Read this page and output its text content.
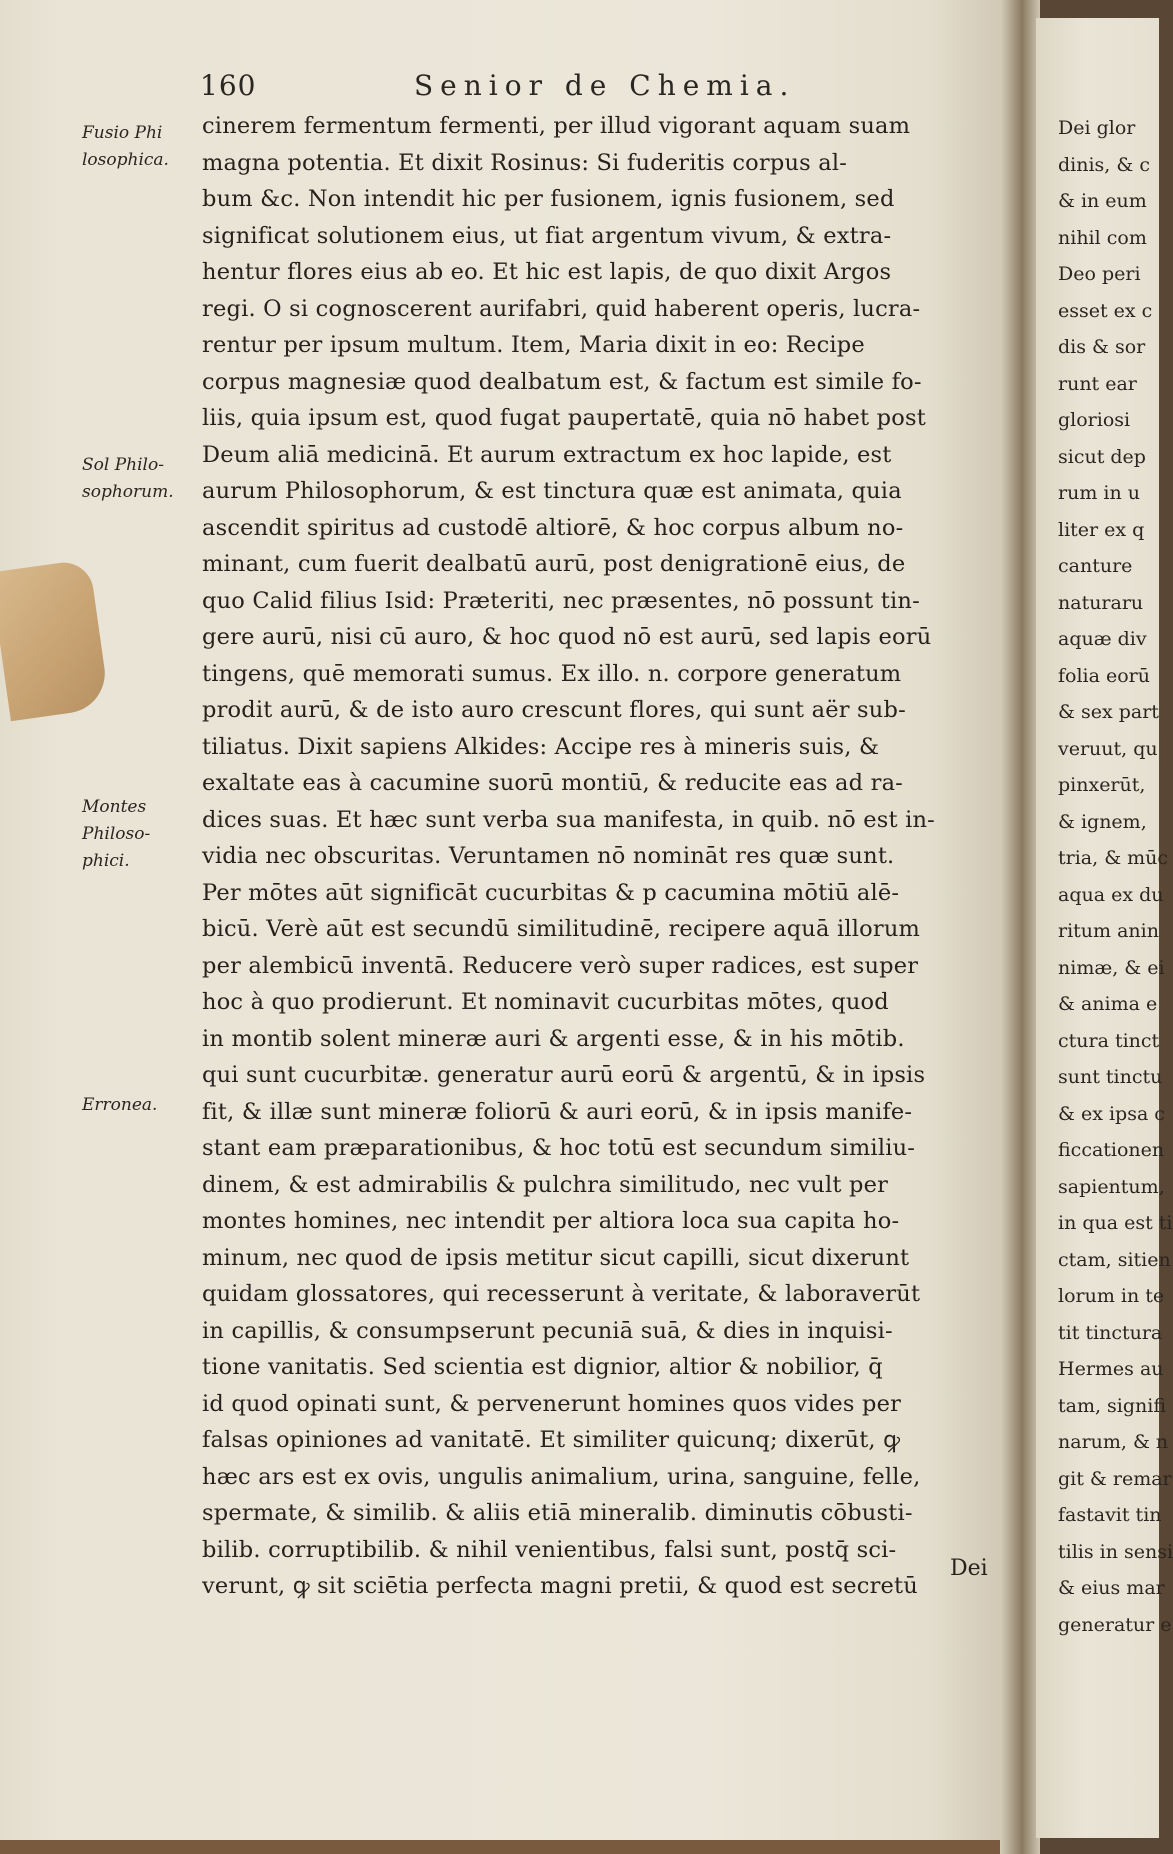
160	Senior de Chemia.
Fusio Phi
losophica.
Sol Philo-
sophorum.
Montes
Philoso-
phici.
Erronea.
cinerem fermentum fermenti, per illud vigorant aquam suam
magna potentia. Et dixit Rosinus: Si fuderitis corpus al-
bum &c. Non intendit hic per fusionem, ignis fusionem, sed
significat solutionem eius, ut fiat argentum vivum, & extra-
hentur flores eius ab eo. Et hic est lapis, de quo dixit Argos
regi. O si cognoscerent aurifabri, quid haberent operis, lucra-
rentur per ipsum multum. Item, Maria dixit in eo: Recipe
corpus magnesiæ quod dealbatum est, & factum est simile fo-
liis, quia ipsum est, quod fugat paupertatē, quia nō habet post
Deum aliā medicinā. Et aurum extractum ex hoc lapide, est
aurum Philosophorum, & est tinctura quæ est animata, quia
ascendit spiritus ad custodē altiorē, & hoc corpus album no-
minant, cum fuerit dealbatū aurū, post denigrationē eius, de
quo Calid filius Isid: Præteriti, nec præsentes, nō possunt tin-
gere aurū, nisi cū auro, & hoc quod nō est aurū, sed lapis eorū
tingens, quē memorati sumus. Ex illo. n. corpore generatum
prodit aurū, & de isto auro crescunt flores, qui sunt aër sub-
tiliatus. Dixit sapiens Alkides: Accipe res à mineris suis, &
exaltate eas à cacumine suorū montiū, & reducite eas ad ra-
dices suas. Et hæc sunt verba sua manifesta, in quib. nō est in-
vidia nec obscuritas. Veruntamen nō nomināt res quæ sunt.
Per mōtes aūt significāt cucurbitas & p cacumina mōtiū alē-
bicū. Verè aūt est secundū similitudinē, recipere aquā illorum
per alembicū inventā. Reducere verò super radices, est super
hoc à quo prodierunt. Et nominavit cucurbitas mōtes, quod
in montib solent mineræ auri & argenti esse, & in his mōtib.
qui sunt cucurbitæ. generatur aurū eorū & argentū, & in ipsis
fit, & illæ sunt mineræ foliorū & auri eorū, & in ipsis manife-
stant eam præparationibus, & hoc totū est secundum similiu-
dinem, & est admirabilis & pulchra similitudo, nec vult per
montes homines, nec intendit per altiora loca sua capita ho-
minum, nec quod de ipsis metitur sicut capilli, sicut dixerunt
quidam glossatores, qui recesserunt à veritate, & laboraverūt
in capillis, & consumpserunt pecuniā suā, & dies in inquisi-
tione vanitatis. Sed scientia est dignior, altior & nobilior, q̄
id quod opinati sunt, & pervenerunt homines quos vides per
falsas opiniones ad vanitatē. Et similiter quicunq; dixerūt, ꝙ
hæc ars est ex ovis, ungulis animalium, urina, sanguine, felle,
spermate, & similib. & aliis etiā mineralib. diminutis cōbusti-
bilib. corruptibilib. & nihil venientibus, falsi sunt, postq̄ sci-
verunt, ꝙ sit sciētia perfecta magni pretii, & quod est secretū
Dei
Dei glor
dinis, & c
& in eum
nihil com
Deo peri
esset ex c
dis & sor
runt ear
gloriosi
sicut dep
rum in u
liter ex q
canture
naturaru
aquæ div
folia eorū
& sex part
veruut, qu
pinxerūt,
& ignem,
tria, & mūc
aqua ex du
ritum anin
nimæ, & ei
& anima e
ctura tinct
sunt tinctu
& ex ipsa c
ficcationen
sapientum,
in qua est ti
ctam, sitien
lorum in te
tit tinctura
Hermes au
tam, signifi
narum, & n
git & remar
fastavit tin
tilis in sensi
& eius mar
generatur e
